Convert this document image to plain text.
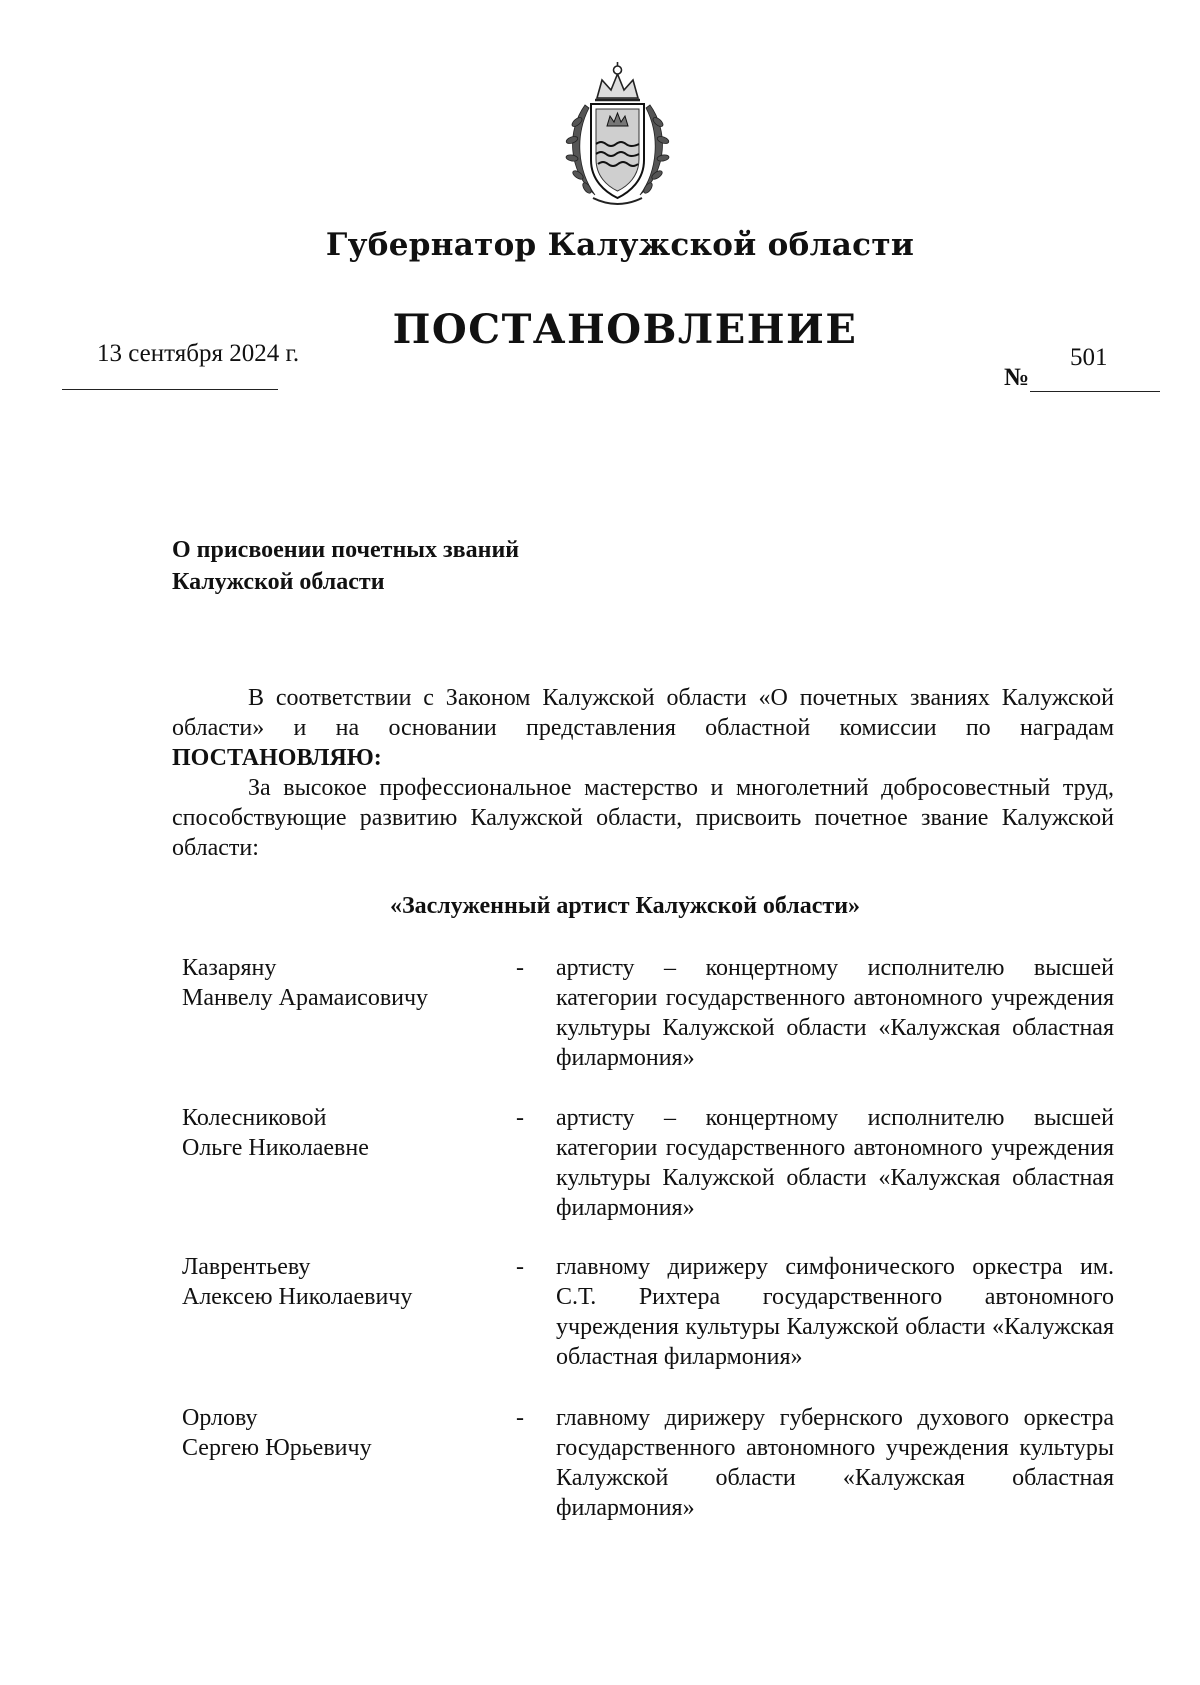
Губернатор Калужской области
ПОСТАНОВЛЕНИЕ
13 сентября 2024 г.
№
501
О присвоении почетных званий
Калужской области
В соответствии с Законом Калужской области «О почетных званиях Калужской области» и на основании представления областной комиссии по наградам ПОСТАНОВЛЯЮ:
За высокое профессиональное мастерство и многолетний добросовестный труд, способствующие развитию Калужской области, присвоить почетное звание Калужской области:
«Заслуженный артист Калужской области»
Казаряну
Манвелу Арамаисовичу
- артисту – концертному исполнителю высшей категории государственного автономного учреждения культуры Калужской области «Калужская областная филармония»
Колесниковой
Ольге Николаевне
- артисту – концертному исполнителю высшей категории государственного автономного учреждения культуры Калужской области «Калужская областная филармония»
Лаврентьеву
Алексею Николаевичу
- главному дирижеру симфонического оркестра им. С.Т. Рихтера государственного автономного учреждения культуры Калужской области «Калужская областная филармония»
Орлову
Сергею Юрьевичу
- главному дирижеру губернского духового оркестра государственного автономного учреждения культуры Калужской области «Калужская областная филармония»
